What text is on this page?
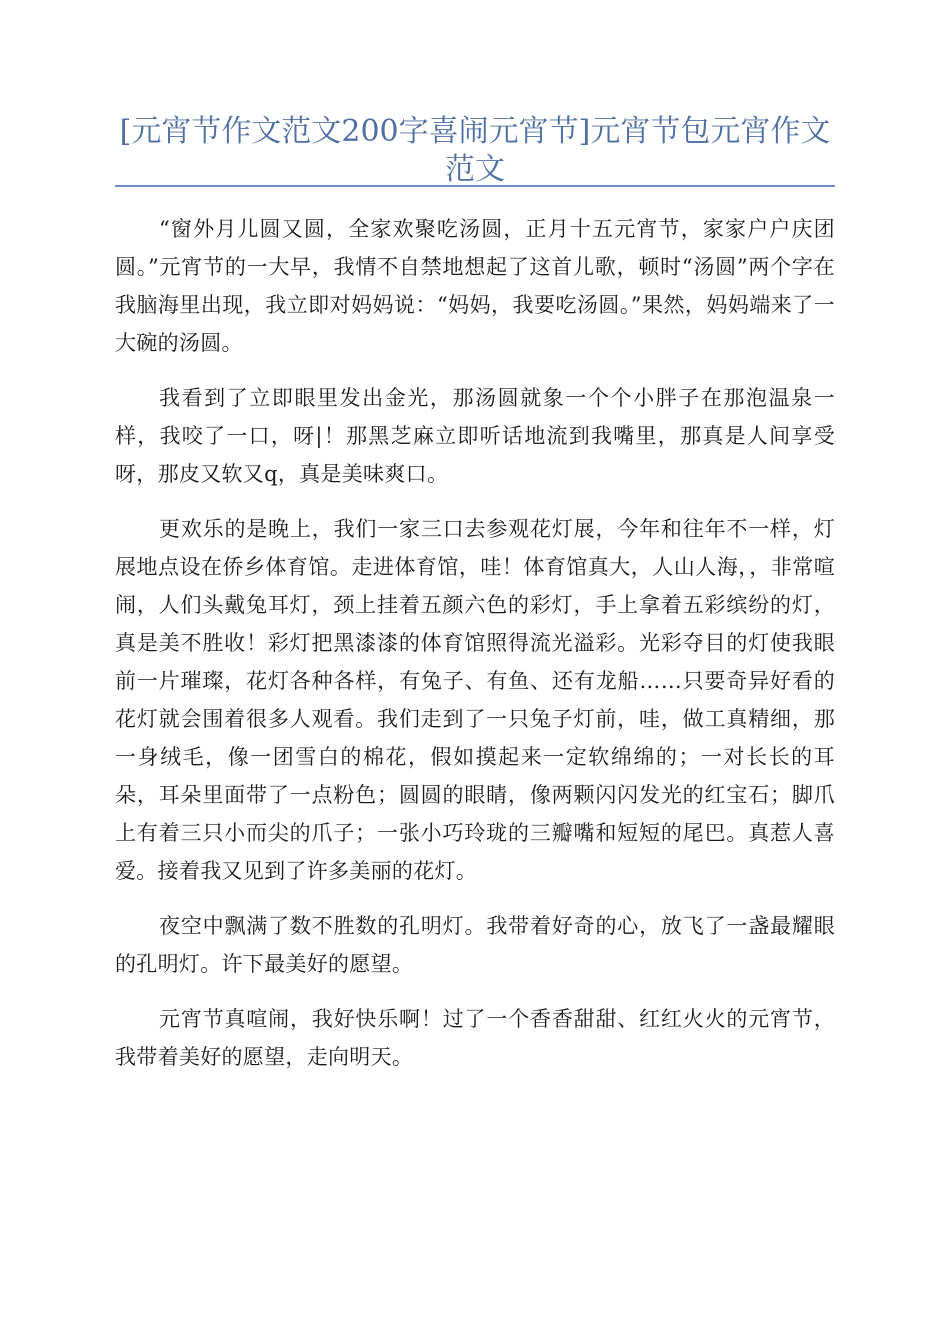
[元宵节作文范文200字喜闹元宵节]元宵节包元宵作文范文

“窗外月儿圆又圆，全家欢聚吃汤圆，正月十五元宵节，家家户户庆团圆。”元宵节的一大早，我情不自禁地想起了这首儿歌，顿时“汤圆”两个字在我脑海里出现，我立即对妈妈说：“妈妈，我要吃汤圆。”果然，妈妈端来了一大碗的汤圆。

我看到了立即眼里发出金光，那汤圆就象一个个小胖子在那泡温泉一样，我咬了一口，呀|！那黑芝麻立即听话地流到我嘴里，那真是人间享受呀，那皮又软又q，真是美味爽口。

更欢乐的是晚上，我们一家三口去参观花灯展，今年和往年不一样，灯展地点设在侨乡体育馆。走进体育馆，哇！体育馆真大，人山人海，，非常喧闹，人们头戴兔耳灯，颈上挂着五颜六色的彩灯，手上拿着五彩缤纷的灯，真是美不胜收！彩灯把黑漆漆的体育馆照得流光溢彩。光彩夺目的灯使我眼前一片璀璨，花灯各种各样，有兔子、有鱼、还有龙船……只要奇异好看的花灯就会围着很多人观看。我们走到了一只兔子灯前，哇，做工真精细，那一身绒毛，像一团雪白的棉花，假如摸起来一定软绵绵的；一对长长的耳朵，耳朵里面带了一点粉色；圆圆的眼睛，像两颗闪闪发光的红宝石；脚爪上有着三只小而尖的爪子；一张小巧玲珑的三瓣嘴和短短的尾巴。真惹人喜爱。接着我又见到了许多美丽的花灯。

夜空中飘满了数不胜数的孔明灯。我带着好奇的心，放飞了一盏最耀眼的孔明灯。许下最美好的愿望。

元宵节真喧闹，我好快乐啊！过了一个香香甜甜、红红火火的元宵节，我带着美好的愿望，走向明天。
